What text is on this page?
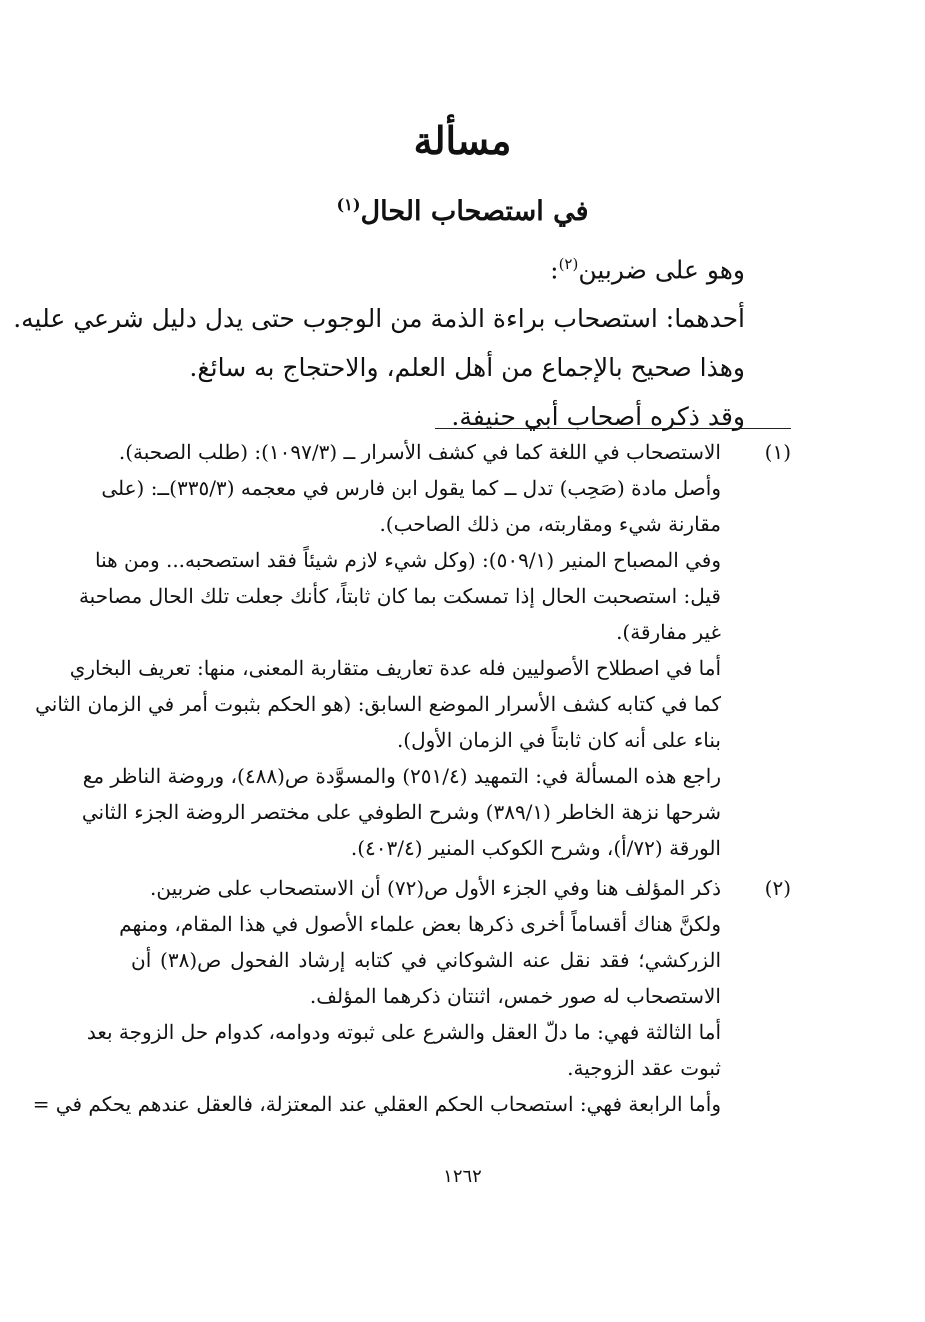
مسألة
في استصحاب الحال$^{(١)}$
وهو على ضربين$^{(٢)}$:
أحدهما: استصحاب براءة الذمة من الوجوب حتى يدل دليل شرعي عليه.
وهذا صحيح بالإجماع من أهل العلم، والاحتجاج به سائغ.
وقد ذكره أصحاب أبي حنيفة.
(١)
الاستصحاب في اللغة كما في كشف الأسرار ــ (١٠٩٧/٣): (طلب الصحبة).
وأصل مادة (صَحِب) تدل ــ كما يقول ابن فارس في معجمه (٣٣٥/٣)ــ: (على
مقارنة شيء ومقاربته، من ذلك الصاحب).
وفي المصباح المنير (٥٠٩/١): (وكل شيء لازم شيئاً فقد استصحبه... ومن هنا
قيل: استصحبت الحال إذا تمسكت بما كان ثابتاً، كأنك جعلت تلك الحال مصاحبة
غير مفارقة).
أما في اصطلاح الأصوليين فله عدة تعاريف متقاربة المعنى، منها: تعريف البخاري
كما في كتابه كشف الأسرار الموضع السابق: (هو الحكم بثبوت أمر في الزمان الثاني
بناء على أنه كان ثابتاً في الزمان الأول).
راجع هذه المسألة في: التمهيد (٢٥١/٤) والمسوَّدة ص(٤٨٨)، وروضة الناظر مع
شرحها نزهة الخاطر (٣٨٩/١) وشرح الطوفي على مختصر الروضة الجزء الثاني
الورقة (٧٢/أ)، وشرح الكوكب المنير (٤٠٣/٤).
(٢)
ذكر المؤلف هنا وفي الجزء الأول ص(٧٢) أن الاستصحاب على ضربين.
ولكنَّ هناك أقساماً أخرى ذكرها بعض علماء الأصول في هذا المقام، ومنهم
الزركشي؛ فقد نقل عنه الشوكاني في كتابه إرشاد الفحول ص(٣٨) أن
الاستصحاب له صور خمس، اثنتان ذكرهما المؤلف.
أما الثالثة فهي: ما دلّ العقل والشرع على ثبوته ودوامه، كدوام حل الزوجة بعد
ثبوت عقد الزوجية.
وأما الرابعة فهي: استصحاب الحكم العقلي عند المعتزلة، فالعقل عندهم يحكم في =
١٢٦٢
